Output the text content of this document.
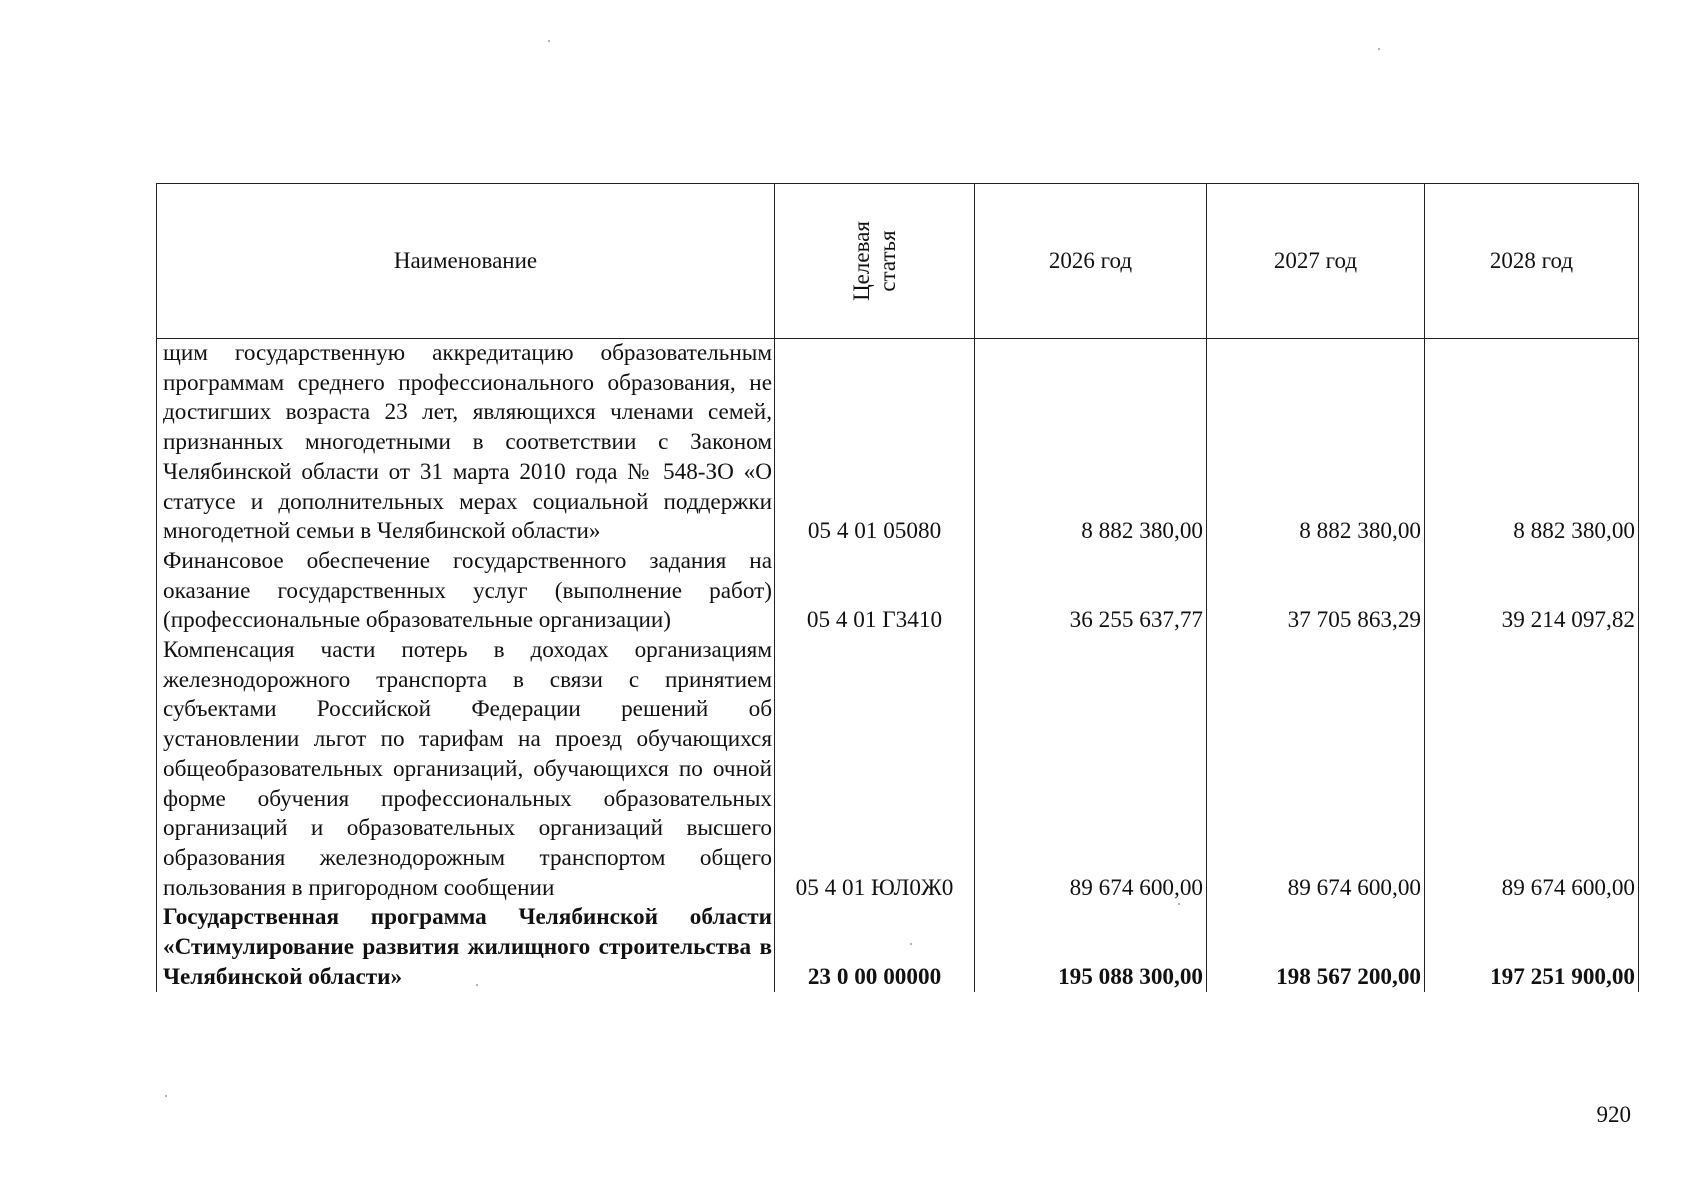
Наименование	Целевая статья	2026 год	2027 год	2028 год
щим государственную аккредитацию образовательным программам среднего профессионального образования, не достигших возраста 23 лет, являющихся членами семей, признанных многодетными в соответствии с Законом Челябинской области от 31 марта 2010 года № 548-ЗО «О статусе и дополнительных мерах социальной поддержки многодетной семьи в Челябинской области»	05 4 01 05080	8 882 380,00	8 882 380,00	8 882 380,00
Финансовое обеспечение государственного задания на оказание государственных услуг (выполнение работ) (профессиональные образовательные организации)	05 4 01 Г3410	36 255 637,77	37 705 863,29	39 214 097,82
Компенсация части потерь в доходах организациям железнодорожного транспорта в связи с принятием субъектами Российской Федерации решений об установлении льгот по тарифам на проезд обучающихся общеобразовательных организаций, обучающихся по очной форме обучения профессиональных образовательных организаций и образовательных организаций высшего образования железнодорожным транспортом общего пользования в пригородном сообщении	05 4 01 ЮЛ0Ж0	89 674 600,00	89 674 600,00	89 674 600,00
Государственная программа Челябинской области «Стимулирование развития жилищного строительства в Челябинской области»	23 0 00 00000	195 088 300,00	198 567 200,00	197 251 900,00
920
